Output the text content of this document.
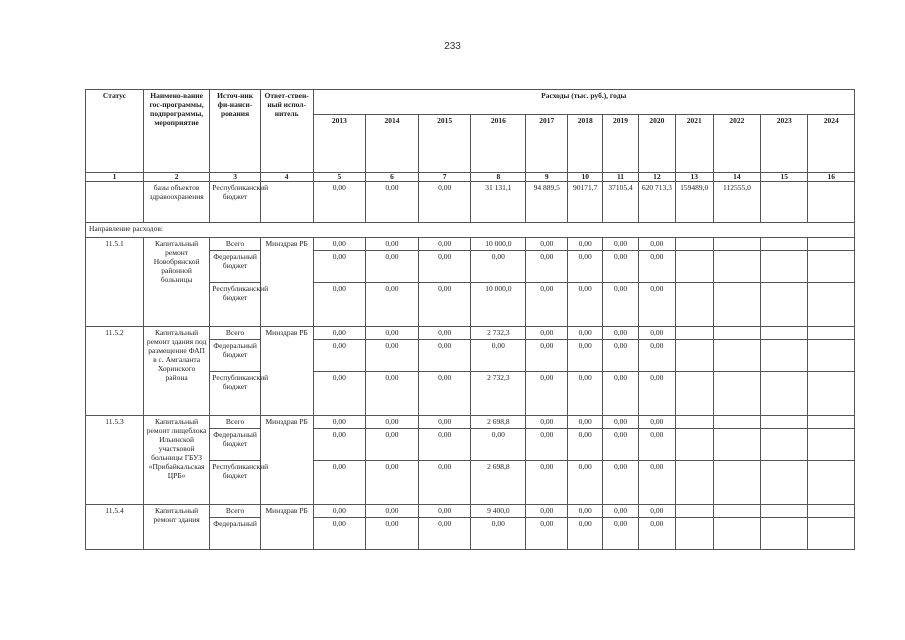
233
Статус	Наимено-вание гос-программы, подпрограммы, мероприятие	Источ-ник фи-нанси-рования	Ответ-ствен-ный испол-нитель	Расходы (тыс. руб.), годы											
				2013	2014	2015	2016	2017	2018	2019	2020	2021	2022	2023	2024
1	2	3	4	5	6	7	8	9	10	11	12	13	14	15	16
	базы объектов здравоохранения	Республиканский бюджет		0,00	0,00	0,00	31 131,1	94 889,5	90171,7	37105,4	620 713,3	159489,0	112555,0		
Направление расходов:															
11.5.1	Капитальный ремонт Новобрянской районной больницы	Всего	Минздрав РБ	0,00	0,00	0,00	10 000,0	0,00	0,00	0,00	0,00				
		Федеральный бюджет		0,00	0,00	0,00	0,00	0,00	0,00	0,00	0,00				
		Республиканский бюджет		0,00	0,00	0,00	10 000,0	0,00	0,00	0,00	0,00				
11.5.2	Капитальный ремонт здания под размещение ФАП в с. Амгаланта Хоринского района	Всего	Минздрав РБ	0,00	0,00	0,00	2 732,3	0,00	0,00	0,00	0,00				
		Федеральный бюджет		0,00	0,00	0,00	0,00	0,00	0,00	0,00	0,00				
		Республиканский бюджет		0,00	0,00	0,00	2 732,3	0,00	0,00	0,00	0,00				
11.5.3	Капитальный ремонт лищеблока Ильинской участковой больницы ГБУЗ «Прибайкальская ЦРБ»	Всего	Минздрав РБ	0,00	0,00	0,00	2 698,8	0,00	0,00	0,00	0,00				
		Федеральный бюджет		0,00	0,00	0,00	0,00	0,00	0,00	0,00	0,00				
		Республиканский бюджет		0,00	0,00	0,00	2 698,8	0,00	0,00	0,00	0,00				
11.5.4	Капитальный ремонт здания	Всего	Минздрав РБ	0,00	0,00	0,00	9 400,0	0,00	0,00	0,00	0,00				
		Федеральный		0,00	0,00	0,00	0,00	0,00	0,00	0,00	0,00				
